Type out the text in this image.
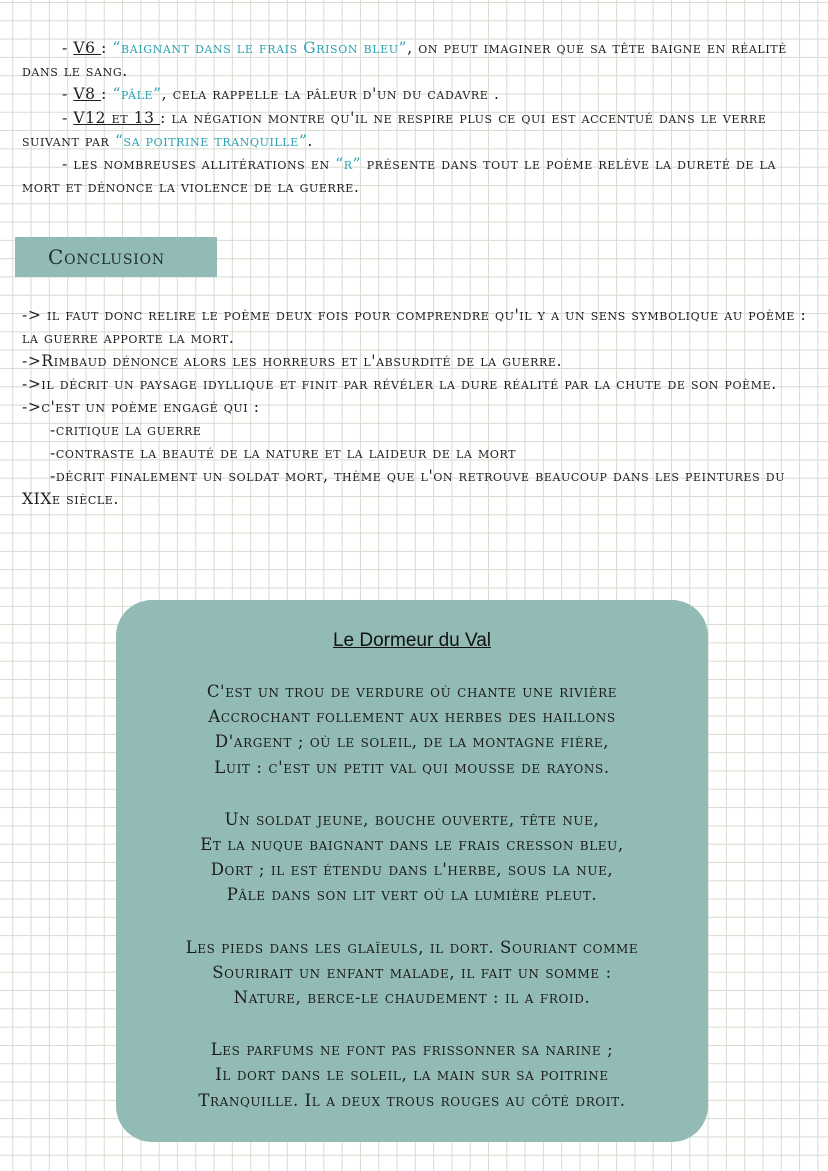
- V6 : “baignant dans le frais Grison bleu”, on peut imaginer que sa tête baigne en réalité dans le sang.

- V8 : “pâle”, cela rappelle la pâleur d'un du cadavre .

- V12 et 13 : la négation montre qu'il ne respire plus ce qui est accentué dans le verre suivant par “sa poitrine tranquille”.

- les nombreuses allitérations en “r” présente dans tout le poème relève la dureté de la mort et dénonce la violence de la guerre.

Conclusion

-> il faut donc relire le poème deux fois pour comprendre qu'il y a un sens symbolique au poème : la guerre apporte la mort.

->Rimbaud dénonce alors les horreurs et l'absurdité de la guerre.

->il décrit un paysage idyllique et finit par révéler la dure réalité par la chute de son poème.

->c'est un poème engagé qui :

-critique la guerre

-contraste la beauté de la nature et la laideur de la mort

-décrit finalement un soldat mort, thème que l'on retrouve beaucoup dans les peintures du XIXe siècle.

Le Dormeur du Val
C'est un trou de verdure où chante une rivière
Accrochant follement aux herbes des haillons
D'argent ; où le soleil, de la montagne fière,
Luit : c'est un petit val qui mousse de rayons.
Un soldat jeune, bouche ouverte, tête nue,
Et la nuque baignant dans le frais cresson bleu,
Dort ; il est étendu dans l'herbe, sous la nue,
Pâle dans son lit vert où la lumière pleut.
Les pieds dans les glaïeuls, il dort. Souriant comme
Sourirait un enfant malade, il fait un somme :
Nature, berce-le chaudement : il a froid.
Les parfums ne font pas frissonner sa narine ;
Il dort dans le soleil, la main sur sa poitrine
Tranquille. Il a deux trous rouges au côté droit.
